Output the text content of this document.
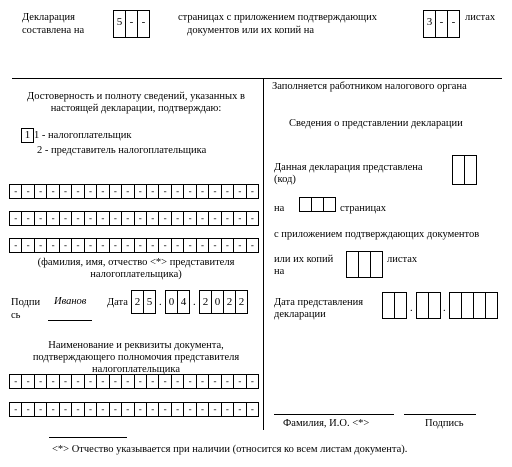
Декларация
составлена на
5 - -	страницах с приложением подтверждающих
документов или их копий на
3 - - листах
Достоверность и полноту сведений, указанных в
настоящей декларации, подтверждаю:
1 1 - налогоплательщик
2 - представитель налогоплательщика
-	-	-	-	-	-	-	-	-	-	-	-	-	-	-	-	-	-	-	-
-	-	-	-	-	-	-	-	-	-	-	-	-	-	-	-	-	-	-	-
-	-	-	-	-	-	-	-	-	-	-	-	-	-	-	-	-	-	-	-
(фамилия, имя, отчество <*> представителя
налогоплательщика)
Подпи
сь
Иванов Дата 2 5 . 0 4 . 2 0 2 2
Наименование и реквизиты документа,
подтверждающего полномочия представителя
налогоплательщика
-	-	-	-	-	-	-	-	-	-	-	-	-	-	-	-	-	-	-	-
-	-	-	-	-	-	-	-	-	-	-	-	-	-	-	-	-	-	-	-
Заполняется работником налогового органа
Сведения о представлении декларации
Данная декларация представлена
(код)
на	страницах
с приложением подтверждающих документов
или их копий
на
листах
Дата представления
декларации
.	.
Фамилия, И.О. <*>	Подпись
<*> Отчество указывается при наличии (относится ко всем листам документа).
